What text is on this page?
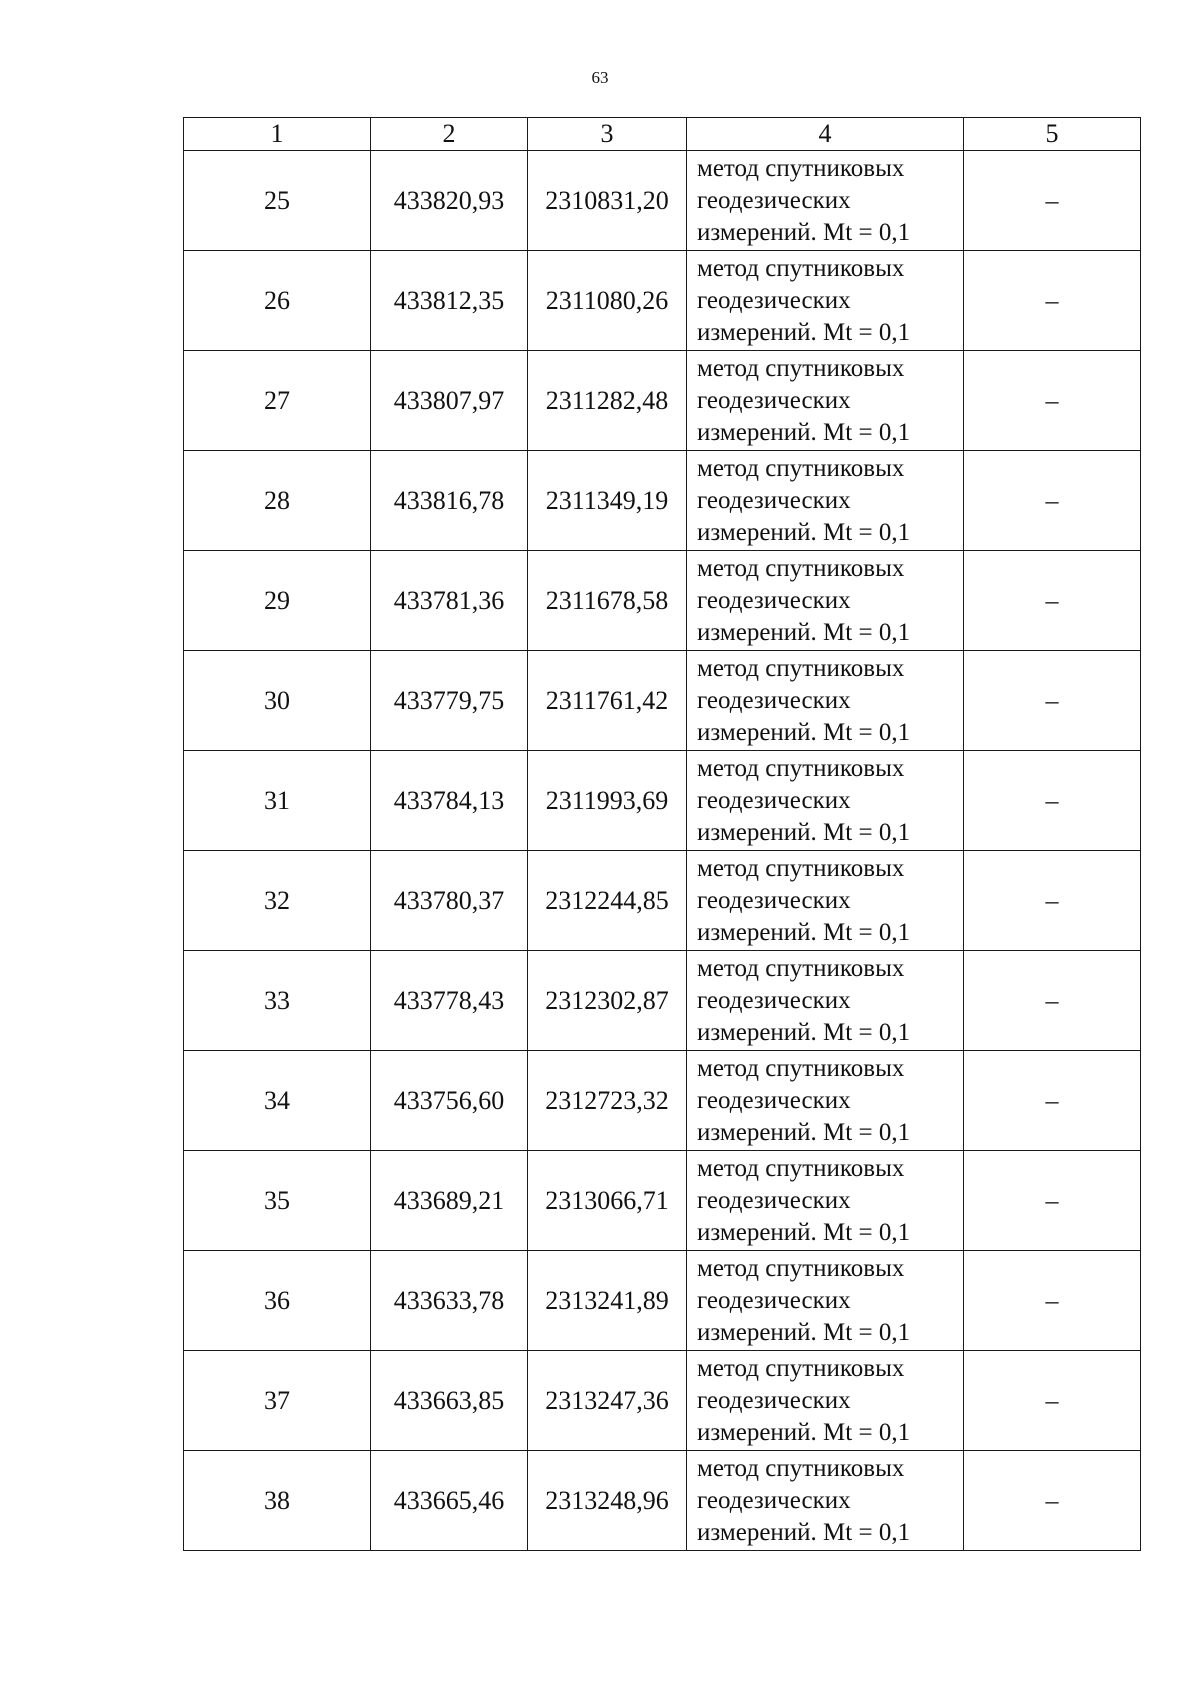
63
1	2	3	4	5
25	433820,93	2310831,20	метод спутниковых
геодезических
измерений. Mt = 0,1	–
26	433812,35	2311080,26	метод спутниковых
геодезических
измерений. Mt = 0,1	–
27	433807,97	2311282,48	метод спутниковых
геодезических
измерений. Mt = 0,1	–
28	433816,78	2311349,19	метод спутниковых
геодезических
измерений. Mt = 0,1	–
29	433781,36	2311678,58	метод спутниковых
геодезических
измерений. Mt = 0,1	–
30	433779,75	2311761,42	метод спутниковых
геодезических
измерений. Mt = 0,1	–
31	433784,13	2311993,69	метод спутниковых
геодезических
измерений. Mt = 0,1	–
32	433780,37	2312244,85	метод спутниковых
геодезических
измерений. Mt = 0,1	–
33	433778,43	2312302,87	метод спутниковых
геодезических
измерений. Mt = 0,1	–
34	433756,60	2312723,32	метод спутниковых
геодезических
измерений. Mt = 0,1	–
35	433689,21	2313066,71	метод спутниковых
геодезических
измерений. Mt = 0,1	–
36	433633,78	2313241,89	метод спутниковых
геодезических
измерений. Mt = 0,1	–
37	433663,85	2313247,36	метод спутниковых
геодезических
измерений. Mt = 0,1	–
38	433665,46	2313248,96	метод спутниковых
геодезических
измерений. Mt = 0,1	–
